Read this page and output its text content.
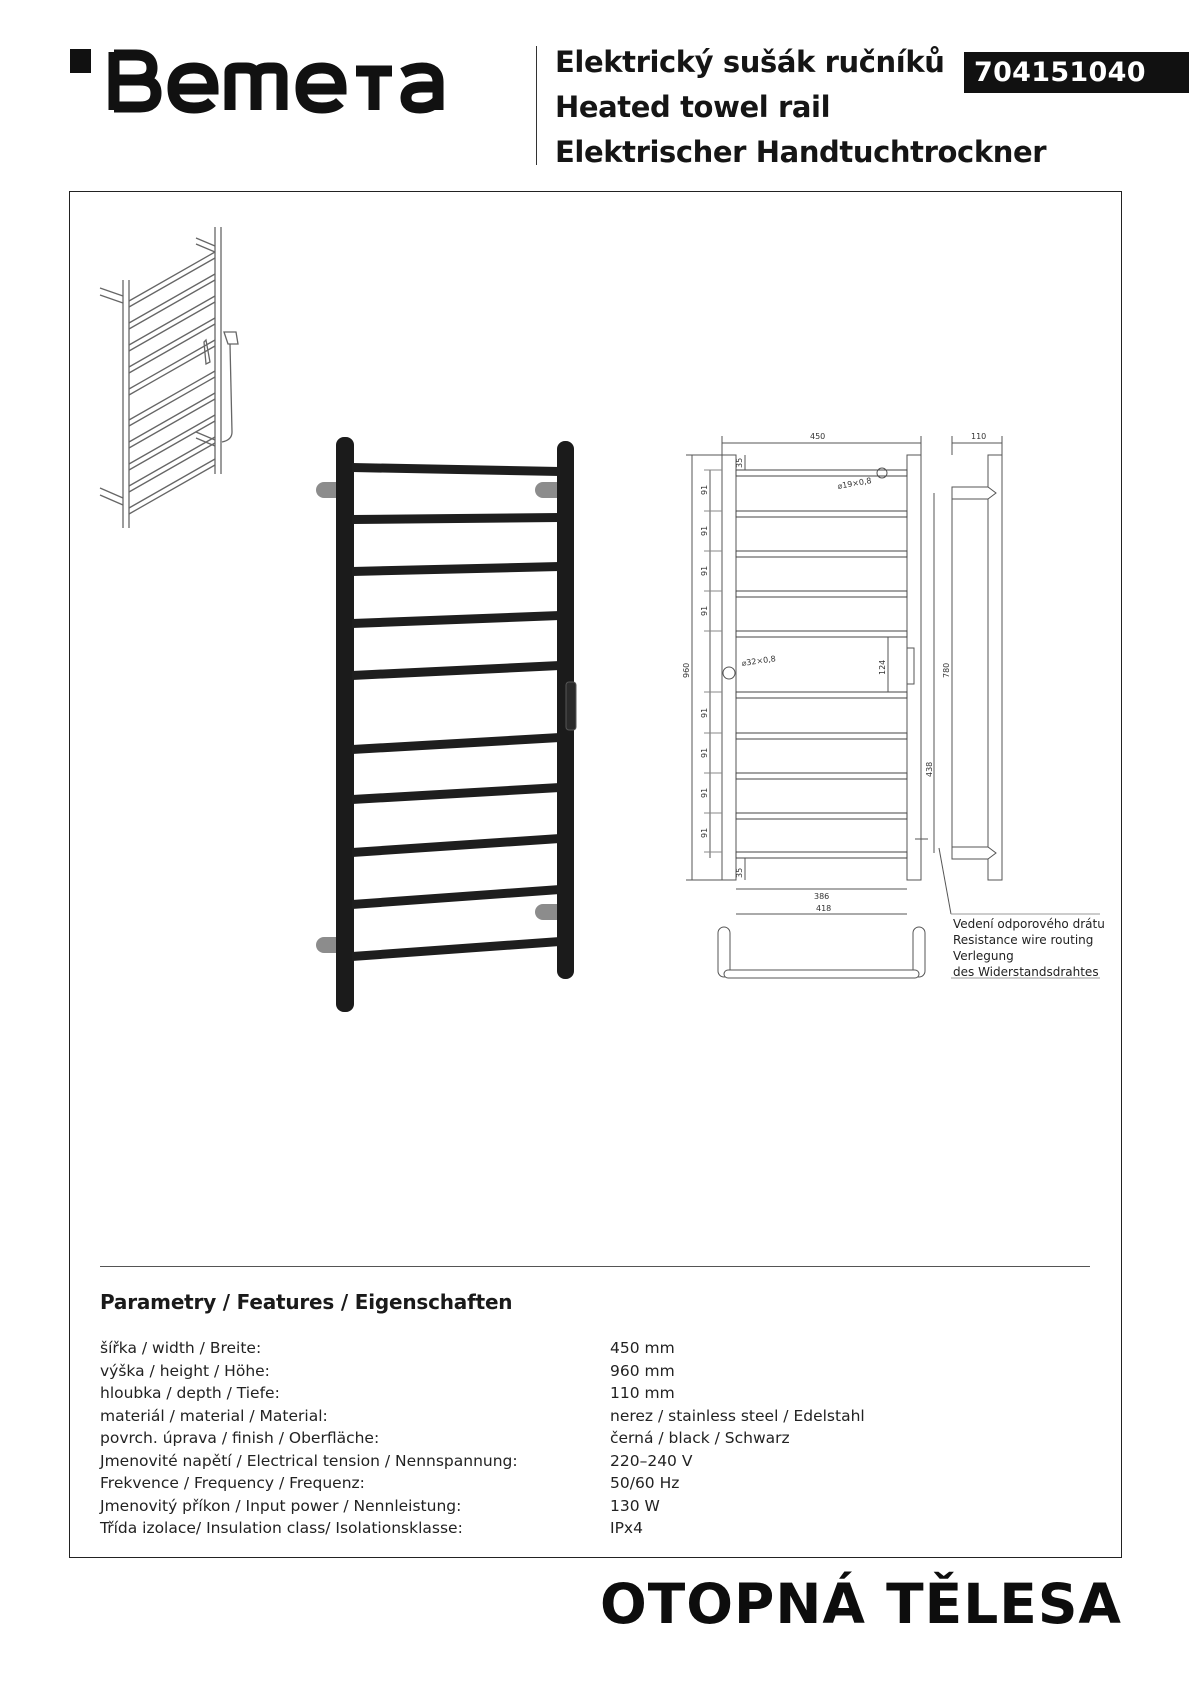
Elektrický sušák ručníků
Heated towel rail
Elektrischer Handtuchtrockner
704151040
450	110
35
91
91
91
91
91
91
91
91
⌀19×0,8
⌀32×0,8
960	124	780
438
35
386
418
Vedení odporového drátu
Resistance wire routing
Verlegung
des Widerstandsdrahtes
Parametry / Features / Eigenschaften
šířka / width / Breite:	450 mm
výška / height / Höhe:	960 mm
hloubka / depth / Tiefe:	110 mm
materiál / material / Material:	nerez / stainless steel / Edelstahl
povrch. úprava / finish / Oberfläche:	černá / black / Schwarz
Jmenovité napětí / Electrical tension / Nennspannung:	220–240 V
Frekvence / Frequency / Frequenz:	50/60 Hz
Jmenovitý příkon / Input power / Nennleistung:	130 W
Třída izolace/ Insulation class/ Isolationsklasse:	IPx4
OTOPNÁ TĚLESA
